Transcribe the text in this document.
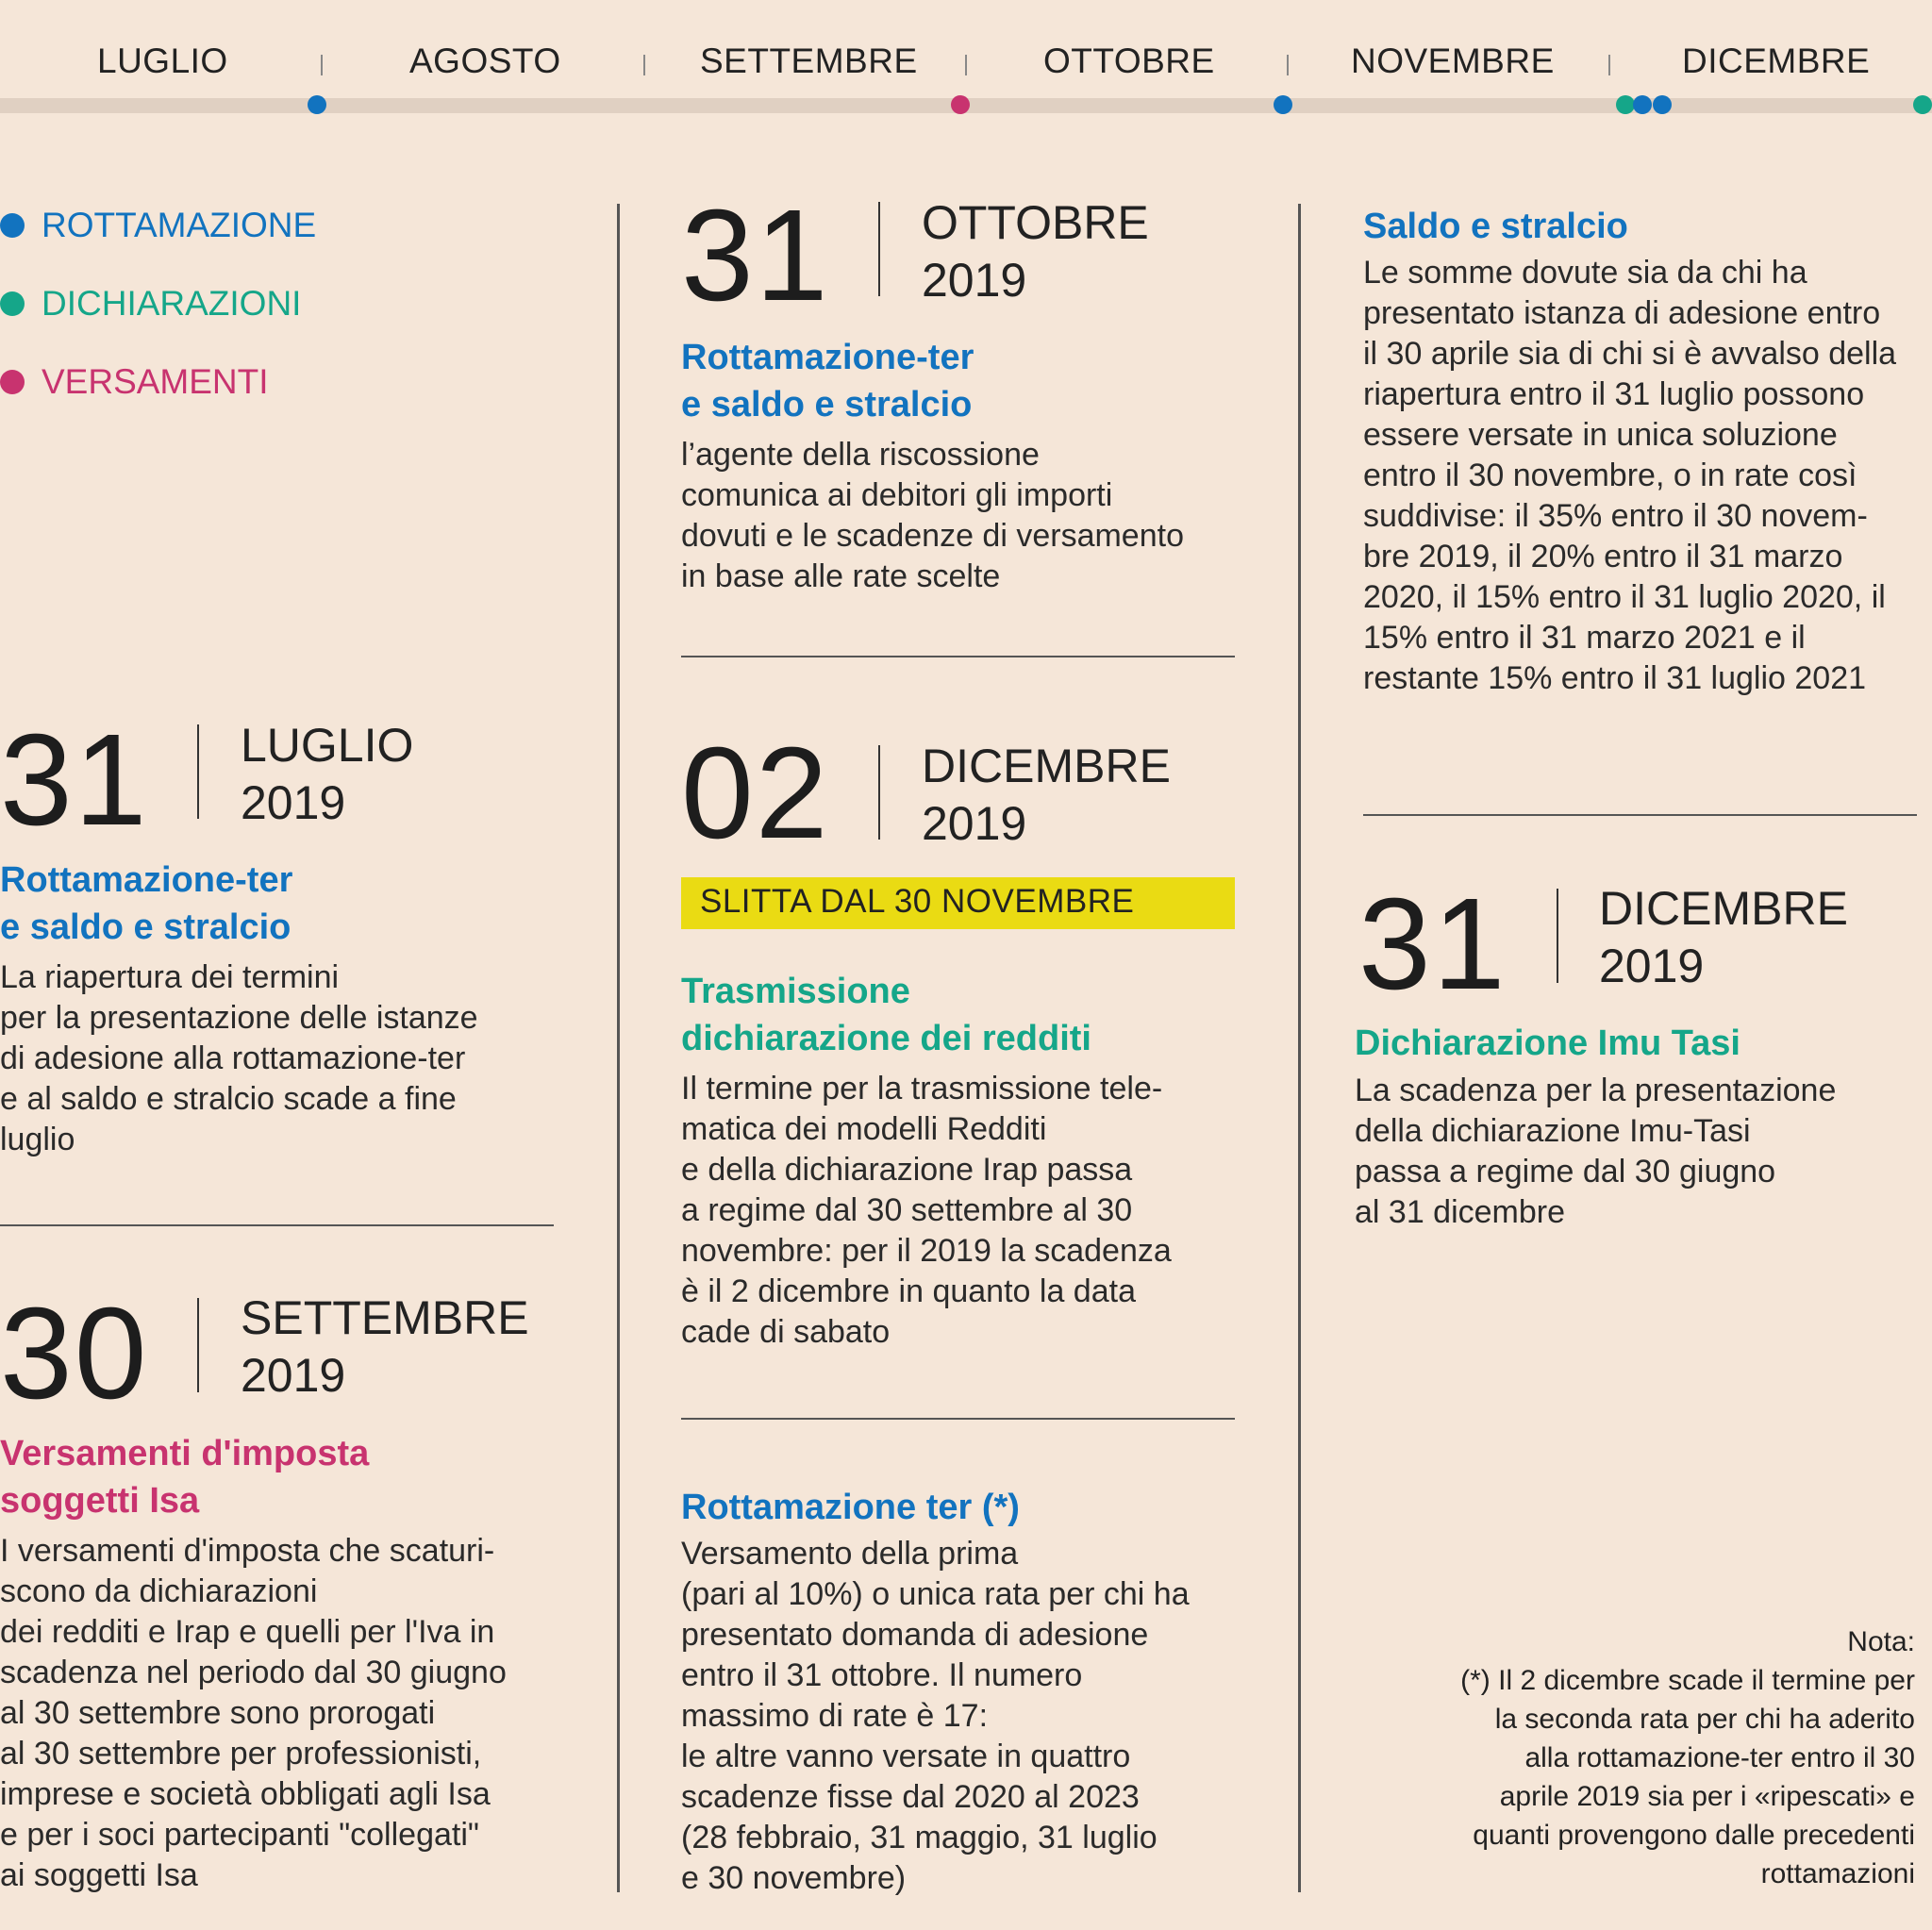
LUGLIO	AGOSTO	SETTEMBRE	OTTOBRE	NOVEMBRE	DICEMBRE
ROTTAMAZIONE
DICHIARAZIONI
VERSAMENTI
31 LUGLIO
2019
Rottamazione-ter
e saldo e stralcio
La riapertura dei termini
per la presentazione delle istanze
di adesione alla rottamazione-ter
e al saldo e stralcio scade a fine
luglio
30 SETTEMBRE
2019
Versamenti d'imposta
soggetti Isa
I versamenti d'imposta che scaturi-
scono da dichiarazioni
dei redditi e Irap e quelli per l'Iva in
scadenza nel periodo dal 30 giugno
al 30 settembre sono prorogati
al 30 settembre per professionisti,
imprese e società obbligati agli Isa
e per i soci partecipanti "collegati"
ai soggetti Isa
31 OTTOBRE
2019
Rottamazione-ter
e saldo e stralcio
l’agente della riscossione
comunica ai debitori gli importi
dovuti e le scadenze di versamento
in base alle rate scelte
02 DICEMBRE
2019
SLITTA DAL 30 NOVEMBRE
Trasmissione
dichiarazione dei redditi
Il termine per la trasmissione tele-
matica dei modelli Redditi
e della dichiarazione Irap passa
a regime dal 30 settembre al 30
novembre: per il 2019 la scadenza
è il 2 dicembre in quanto la data
cade di sabato
Rottamazione ter (*)
Versamento della prima
(pari al 10%) o unica rata per chi ha
presentato domanda di adesione
entro il 31 ottobre. Il numero
massimo di rate è 17:
le altre vanno versate in quattro
scadenze fisse dal 2020 al 2023
(28 febbraio, 31 maggio, 31 luglio
e 30 novembre)
Saldo e stralcio
Le somme dovute sia da chi ha
presentato istanza di adesione entro
il 30 aprile sia di chi si è avvalso della
riapertura entro il 31 luglio possono
essere versate in unica soluzione
entro il 30 novembre, o in rate così
suddivise: il 35% entro il 30 novem-
bre 2019, il 20% entro il 31 marzo
2020, il 15% entro il 31 luglio 2020, il
15% entro il 31 marzo 2021 e il
restante 15% entro il 31 luglio 2021
31 DICEMBRE
2019
Dichiarazione Imu Tasi
La scadenza per la presentazione
della dichiarazione Imu-Tasi
passa a regime dal 30 giugno
al 31 dicembre
Nota:
(*) Il 2 dicembre scade il termine per
la seconda rata per chi ha aderito
alla rottamazione-ter entro il 30
aprile 2019 sia per i «ripescati» e
quanti provengono dalle precedenti
rottamazioni
